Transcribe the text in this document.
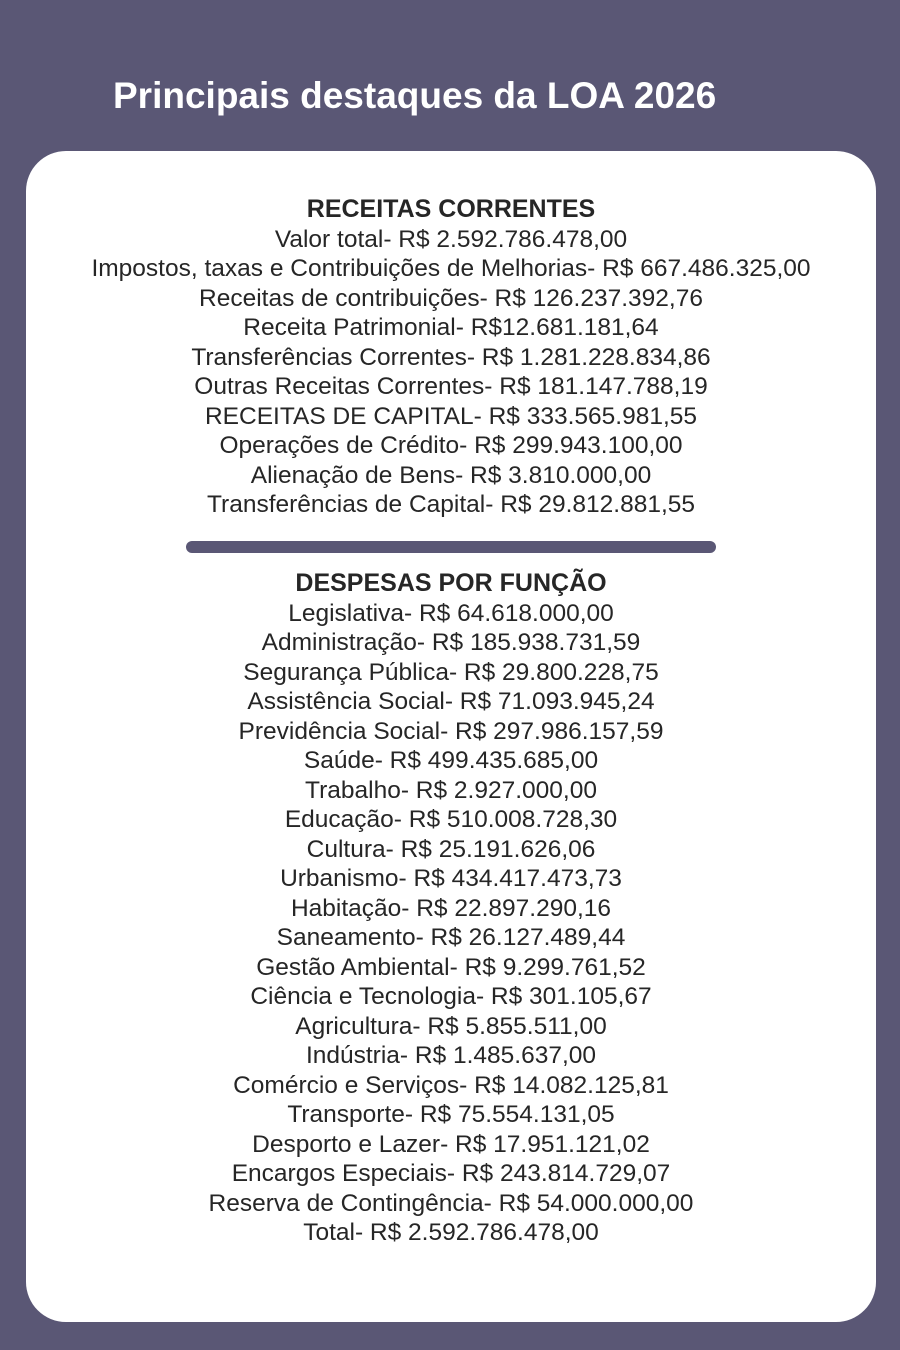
Principais destaques da LOA 2026
RECEITAS CORRENTES
Valor total- R$ 2.592.786.478,00
Impostos, taxas e Contribuições de Melhorias- R$ 667.486.325,00
Receitas de contribuições- R$ 126.237.392,76
Receita Patrimonial- R$12.681.181,64
Transferências Correntes- R$ 1.281.228.834,86
Outras Receitas Correntes- R$ 181.147.788,19
RECEITAS DE CAPITAL- R$ 333.565.981,55
Operações de Crédito- R$ 299.943.100,00
Alienação de Bens- R$ 3.810.000,00
Transferências de Capital- R$ 29.812.881,55
DESPESAS POR FUNÇÃO
Legislativa- R$ 64.618.000,00
Administração- R$ 185.938.731,59
Segurança Pública- R$ 29.800.228,75
Assistência Social- R$ 71.093.945,24
Previdência Social- R$ 297.986.157,59
Saúde- R$ 499.435.685,00
Trabalho- R$ 2.927.000,00
Educação- R$ 510.008.728,30
Cultura- R$ 25.191.626,06
Urbanismo- R$ 434.417.473,73
Habitação- R$ 22.897.290,16
Saneamento- R$ 26.127.489,44
Gestão Ambiental- R$ 9.299.761,52
Ciência e Tecnologia- R$ 301.105,67
Agricultura- R$ 5.855.511,00
Indústria- R$ 1.485.637,00
Comércio e Serviços- R$ 14.082.125,81
Transporte- R$ 75.554.131,05
Desporto e Lazer- R$ 17.951.121,02
Encargos Especiais- R$ 243.814.729,07
Reserva de Contingência- R$ 54.000.000,00
Total- R$ 2.592.786.478,00
